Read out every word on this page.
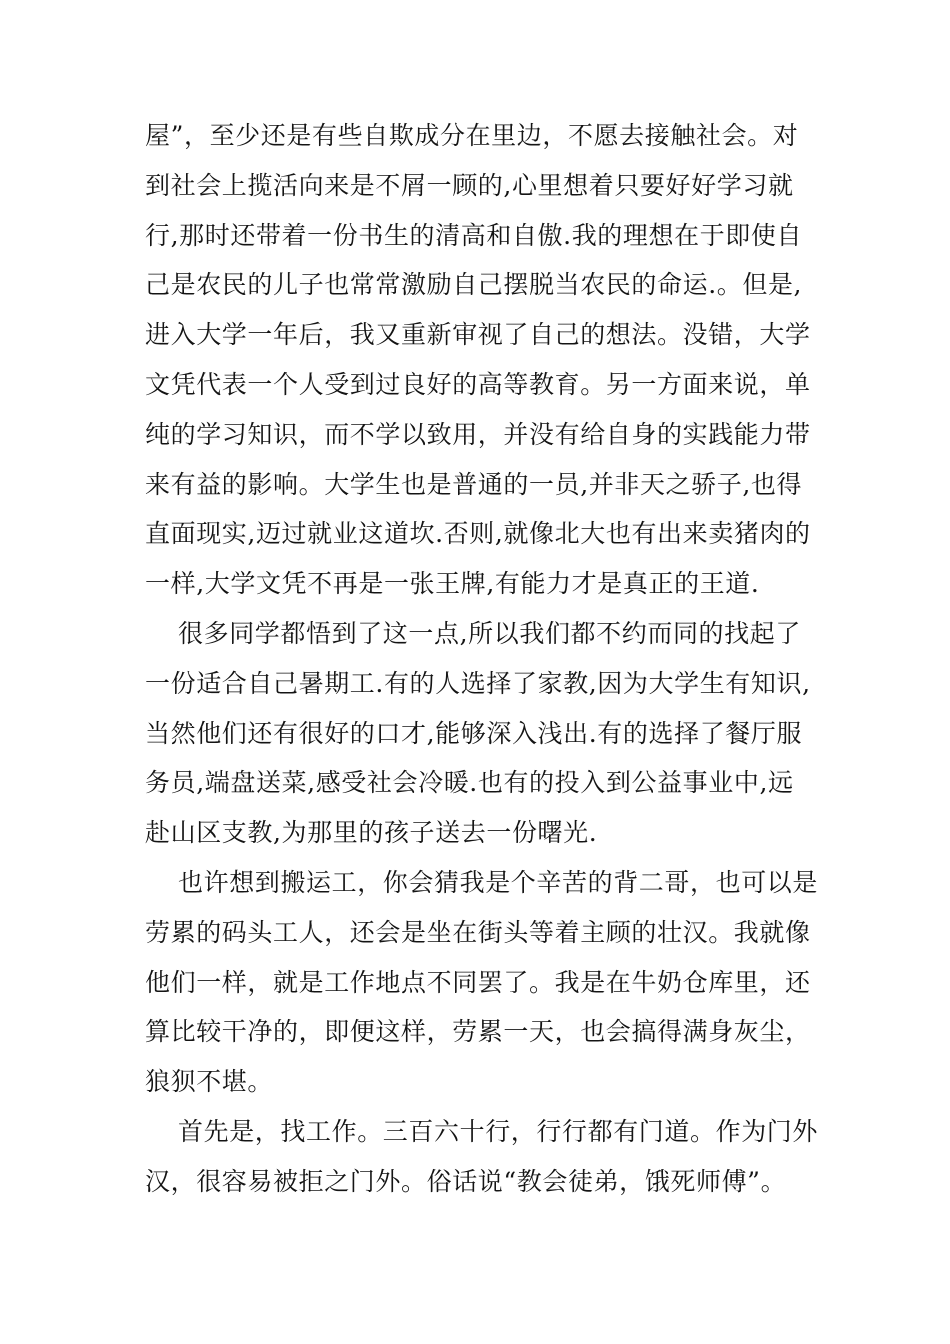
屋”，至少还是有些自欺成分在里边，不愿去接触社会。对
到社会上揽活向来是不屑一顾的,心里想着只要好好学习就
行,那时还带着一份书生的清高和自傲.我的理想在于即使自
己是农民的儿子也常常激励自己摆脱当农民的命运.。但是,
进入大学一年后，我又重新审视了自己的想法。没错，大学
文凭代表一个人受到过良好的高等教育。另一方面来说，单
纯的学习知识，而不学以致用，并没有给自身的实践能力带
来有益的影响。大学生也是普通的一员,并非天之骄子,也得
直面现实,迈过就业这道坎.否则,就像北大也有出来卖猪肉的
一样,大学文凭不再是一张王牌,有能力才是真正的王道.
很多同学都悟到了这一点,所以我们都不约而同的找起了
一份适合自己暑期工.有的人选择了家教,因为大学生有知识,
当然他们还有很好的口才,能够深入浅出.有的选择了餐厅服
务员,端盘送菜,感受社会冷暖.也有的投入到公益事业中,远
赴山区支教,为那里的孩子送去一份曙光.
也许想到搬运工，你会猜我是个辛苦的背二哥，也可以是
劳累的码头工人，还会是坐在街头等着主顾的壮汉。我就像
他们一样，就是工作地点不同罢了。我是在牛奶仓库里，还
算比较干净的，即便这样，劳累一天，也会搞得满身灰尘，
狼狈不堪。
首先是，找工作。三百六十行，行行都有门道。作为门外
汉，很容易被拒之门外。俗话说“教会徒弟，饿死师傅”。
